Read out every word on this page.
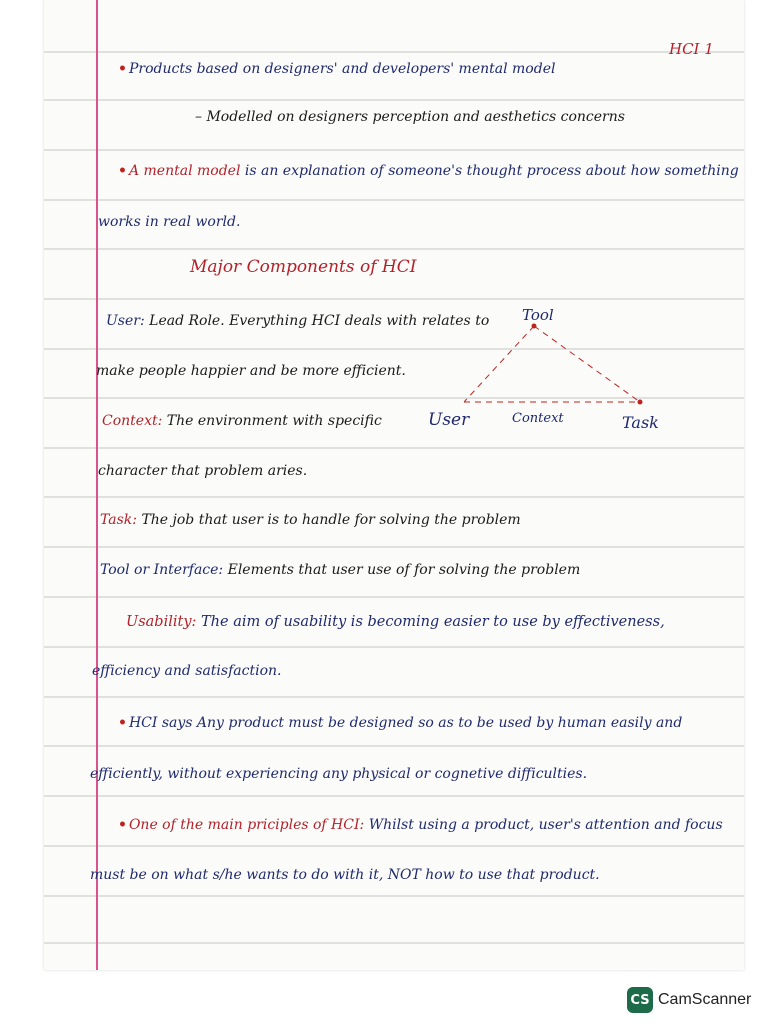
HCI 1
• Products based on designers' and developers' mental model
– Modelled on designers perception and aesthetics concerns
• A mental model is an explanation of someone's thought process about how something
works in real world.
Major Components of HCI
User: Lead Role. Everything HCI deals with relates to
make people happier and be more efficient.
Context: The environment with specific
character that problem aries.
Task: The job that user is to handle for solving the problem
Tool or Interface: Elements that user use of for solving the problem
Usability: The aim of usability is becoming easier to use by effectiveness,
efficiency and satisfaction.
• HCI says Any product must be designed so as to be used by human easily and
efficiently, without experiencing any physical or cognetive difficulties.
• One of the main priciples of HCI: Whilst using a product, user's attention and focus
must be on what s/he wants to do with it, NOT how to use that product.
Tool
User	Context	Task
CS CamScanner
